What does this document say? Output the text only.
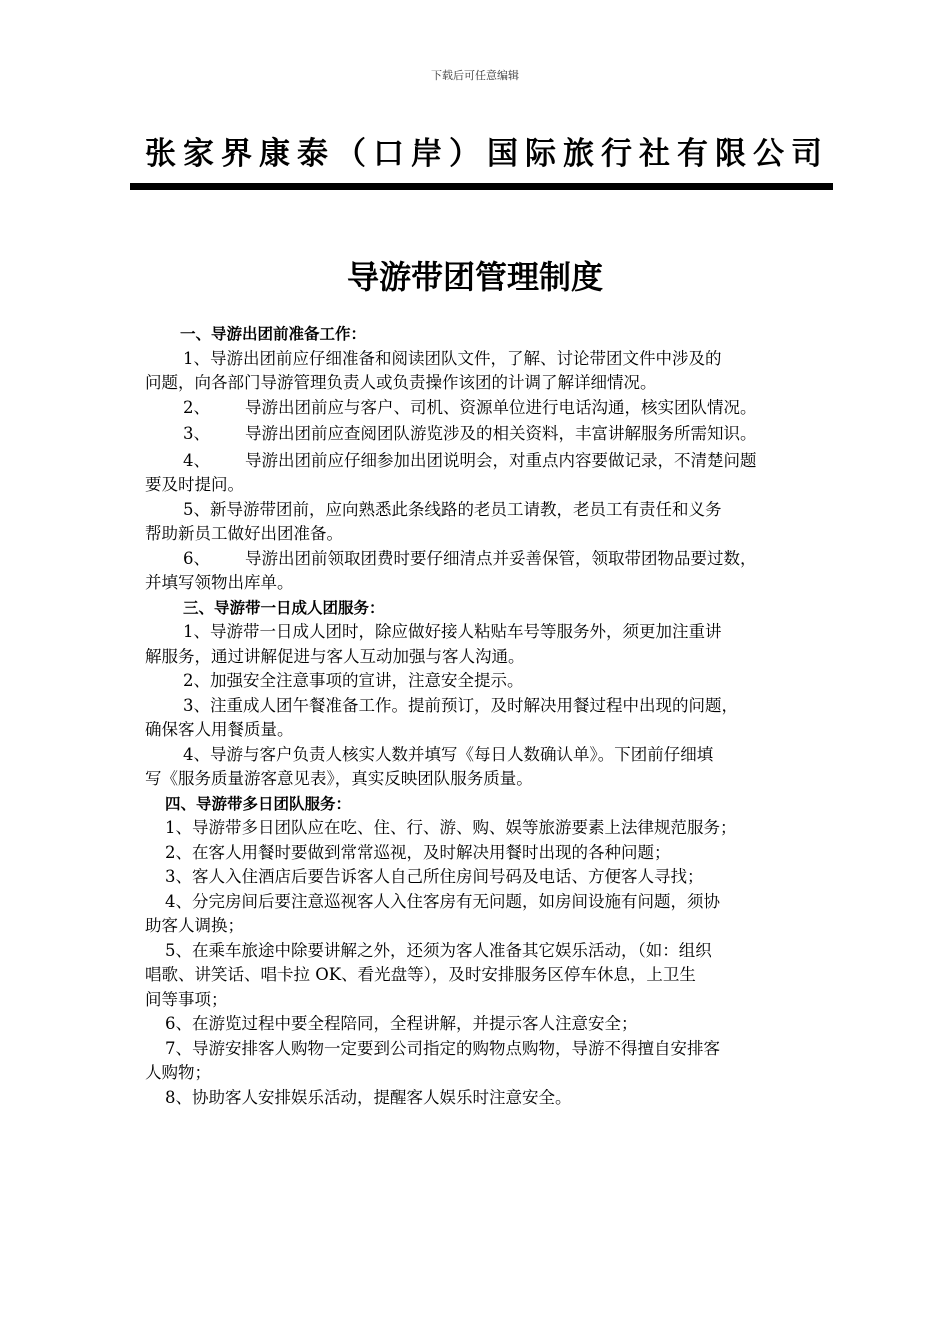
下载后可任意编辑
张家界康泰（口岸）国际旅行社有限公司
导游带团管理制度

一、导游出团前准备工作：

1、导游出团前应仔细准备和阅读团队文件，了解、讨论带团文件中涉及的

问题，向各部门导游管理负责人或负责操作该团的计调了解详细情况。

2、 导游出团前应与客户、司机、资源单位进行电话沟通，核实团队情况。

3、 导游出团前应查阅团队游览涉及的相关资料，丰富讲解服务所需知识。

4、 导游出团前应仔细参加出团说明会，对重点内容要做记录，不清楚问题

要及时提问。

5、新导游带团前，应向熟悉此条线路的老员工请教，老员工有责任和义务

帮助新员工做好出团准备。

6、 导游出团前领取团费时要仔细清点并妥善保管，领取带团物品要过数，

并填写领物出库单。

三、导游带一日成人团服务：

1、导游带一日成人团时，除应做好接人粘贴车号等服务外，须更加注重讲

解服务，通过讲解促进与客人互动加强与客人沟通。

2、加强安全注意事项的宣讲，注意安全提示。

3、注重成人团午餐准备工作。提前预订，及时解决用餐过程中出现的问题，

确保客人用餐质量。

4、导游与客户负责人核实人数并填写《每日人数确认单》。下团前仔细填

写《服务质量游客意见表》，真实反映团队服务质量。

四、导游带多日团队服务：

1、导游带多日团队应在吃、住、行、游、购、娱等旅游要素上法律规范服务；

2、在客人用餐时要做到常常巡视，及时解决用餐时出现的各种问题；

3、客人入住酒店后要告诉客人自己所住房间号码及电话、方便客人寻找；

4、分完房间后要注意巡视客人入住客房有无问题，如房间设施有问题，须协

助客人调换；

5、在乘车旅途中除要讲解之外，还须为客人准备其它娱乐活动，（如：组织

唱歌、讲笑话、唱卡拉 OK、看光盘等），及时安排服务区停车休息，上卫生

间等事项；

6、在游览过程中要全程陪同，全程讲解，并提示客人注意安全；

7、导游安排客人购物一定要到公司指定的购物点购物，导游不得擅自安排客

人购物；

8、协助客人安排娱乐活动，提醒客人娱乐时注意安全。
